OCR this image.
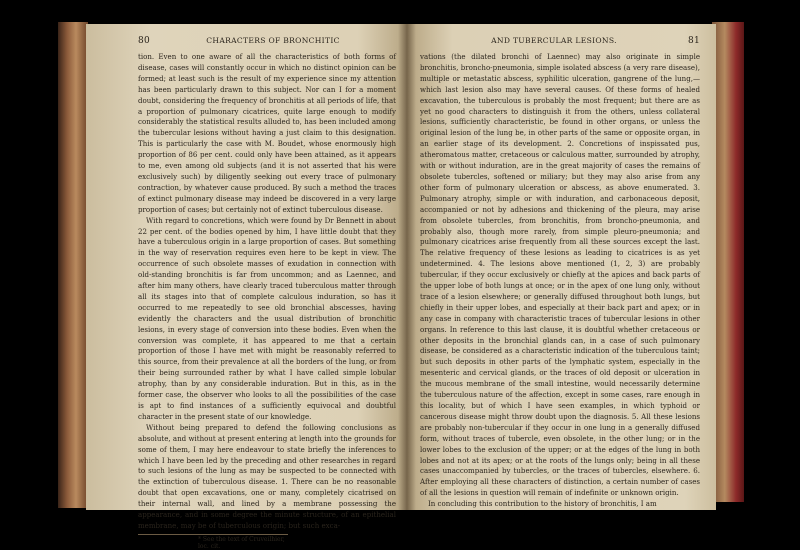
80	CHARACTERS OF BRONCHITIC

tion. Even to one aware of all the characteristics of both forms of disease, cases will constantly occur in which no distinct opinion can be formed; at least such is the result of my experience since my attention has been particularly drawn to this subject. Nor can I for a moment doubt, considering the frequency of bronchitis at all periods of life, that a proportion of pulmonary cicatrices, quite large enough to modify considerably the statistical results alluded to, has been included among the tubercular lesions without having a just claim to this designation. This is particularly the case with M. Boudet, whose enormously high proportion of 86 per cent. could only have been attained, as it appears to me, even among old subjects (and it is not asserted that his were exclusively such) by diligently seeking out every trace of pulmonary contraction, by whatever cause produced. By such a method the traces of extinct pulmonary disease may indeed be discovered in a very large proportion of cases; but certainly not of extinct tuberculous disease.

With regard to concretions, which were found by Dr Bennett in about 22 per cent. of the bodies opened by him, I have little doubt that they have a tuberculous origin in a large proportion of cases. But something in the way of reservation requires even here to be kept in view. The occurrence of such obsolete masses of exudation in connection with old-standing bronchitis is far from uncommon; and as Laennec, and after him many others, have clearly traced tuberculous matter through all its stages into that of complete calculous induration, so has it occurred to me repeatedly to see old bronchial abscesses, having evidently the characters and the usual distribution of bronchitic lesions, in every stage of conversion into these bodies. Even when the conversion was complete, it has appeared to me that a certain proportion of those I have met with might be reasonably referred to this source, from their prevalence at all the borders of the lung, or from their being surrounded rather by what I have called simple lobular atrophy, than by any considerable induration. But in this, as in the former case, the observer who looks to all the possibilities of the case is apt to find instances of a sufficiently equivocal and doubtful character in the present state of our knowledge.

Without being prepared to defend the following conclusions as absolute, and without at present entering at length into the grounds for some of them, I may here endeavour to state briefly the inferences to which I have been led by the preceding and other researches in regard to such lesions of the lung as may be suspected to be connected with the extinction of tuberculous disease. 1. There can be no reasonable doubt that open excavations, one or many, completely cicatrised on their internal wall, and lined by a membrane possessing the appearance, and in some degree the minute structure, of an epithelial membrane, may be of tuberculous origin; but such exca-

* See the text of Cruveilhier, loc. cit.
AND TUBERCULAR LESIONS.	81

vations (the dilated bronchi of Laennec) may also originate in simple bronchitis, broncho-pneumonia, simple isolated abscess (a very rare disease), multiple or metastatic abscess, syphilitic ulceration, gangrene of the lung,—which last lesion also may have several causes. Of these forms of healed excavation, the tuberculous is probably the most frequent; but there are as yet no good characters to distinguish it from the others, unless collateral lesions, sufficiently characteristic, be found in other organs, or unless the original lesion of the lung be, in other parts of the same or opposite organ, in an earlier stage of its development. 2. Concretions of inspissated pus, atheromatous matter, cretaceous or calculous matter, surrounded by atrophy, with or without induration, are in the great majority of cases the remains of obsolete tubercles, softened or miliary; but they may also arise from any other form of pulmonary ulceration or abscess, as above enumerated. 3. Pulmonary atrophy, simple or with induration, and carbonaceous deposit, accompanied or not by adhesions and thickening of the pleura, may arise from obsolete tubercles, from bronchitis, from broncho-pneumonia, and probably also, though more rarely, from simple pleuro-pneumonia; and pulmonary cicatrices arise frequently from all these sources except the last. The relative frequency of these lesions as leading to cicatrices is as yet undetermined. 4. The lesions above mentioned (1, 2, 3) are probably tubercular, if they occur exclusively or chiefly at the apices and back parts of the upper lobe of both lungs at once; or in the apex of one lung only, without trace of a lesion elsewhere; or generally diffused throughout both lungs, but chiefly in their upper lobes, and especially at their back part and apex; or in any case in company with characteristic traces of tubercular lesions in other organs. In reference to this last clause, it is doubtful whether cretaceous or other deposits in the bronchial glands can, in a case of such pulmonary disease, be considered as a characteristic indication of the tuberculous taint; but such deposits in other parts of the lymphatic system, especially in the mesenteric and cervical glands, or the traces of old deposit or ulceration in the mucous membrane of the small intestine, would necessarily determine the tuberculous nature of the affection, except in some cases, rare enough in this locality, but of which I have seen examples, in which typhoid or cancerous disease might throw doubt upon the diagnosis. 5. All these lesions are probably non-tubercular if they occur in one lung in a generally diffused form, without traces of tubercle, even obsolete, in the other lung; or in the lower lobes to the exclusion of the upper; or at the edges of the lung in both lobes and not at its apex; or at the roots of the lungs only; being in all these cases unaccompanied by tubercles, or the traces of tubercles, elsewhere. 6. After employing all these characters of distinction, a certain number of cases of all the lesions in question will remain of indefinite or unknown origin.

In concluding this contribution to the history of bronchitis, I am
